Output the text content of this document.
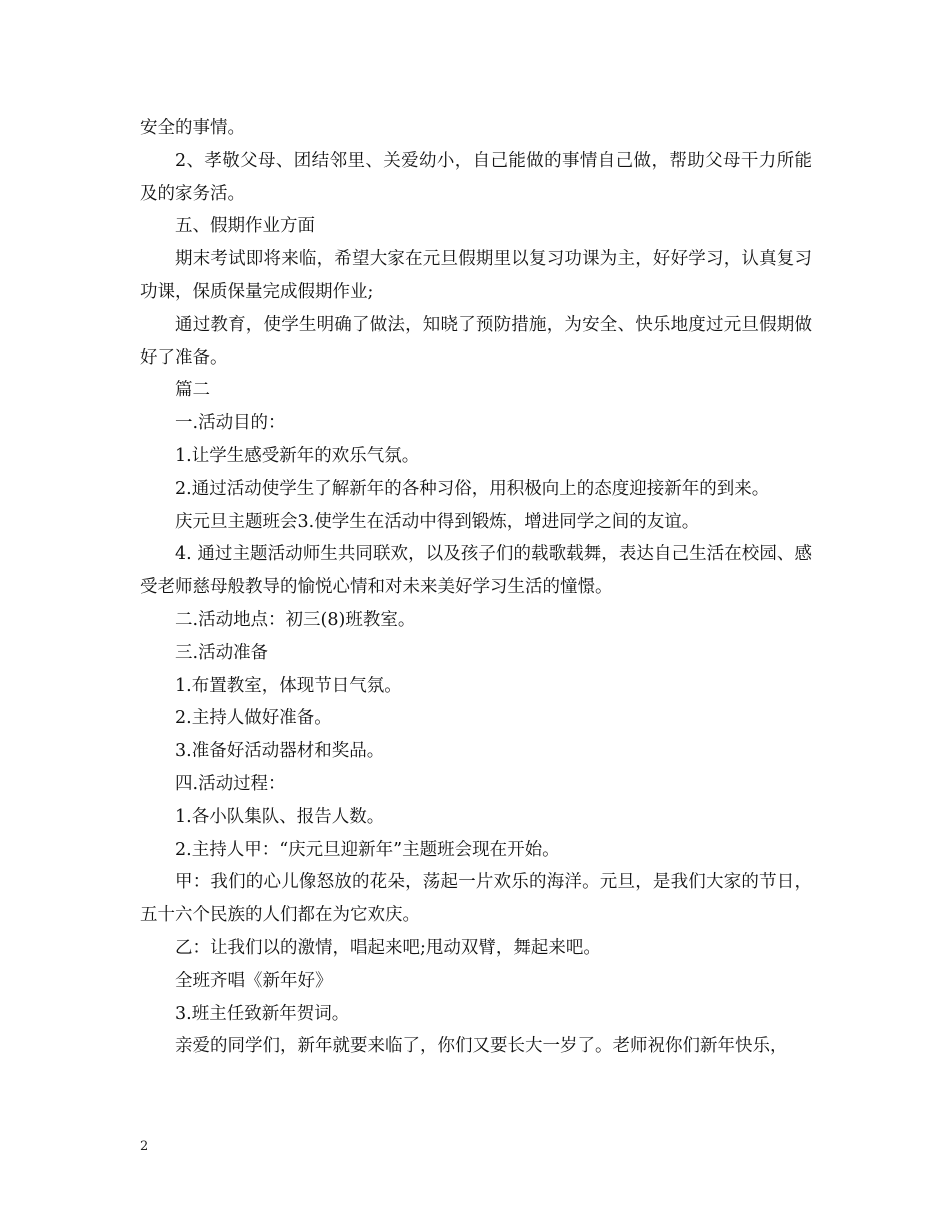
安全的事情。

2、孝敬父母、团结邻里、关爱幼小，自己能做的事情自己做，帮助父母干力所能及的家务活。

五、假期作业方面

期末考试即将来临，希望大家在元旦假期里以复习功课为主，好好学习，认真复习功课，保质保量完成假期作业;

通过教育，使学生明确了做法，知晓了预防措施，为安全、快乐地度过元旦假期做好了准备。

篇二

一.活动目的：

1.让学生感受新年的欢乐气氛。

2.通过活动使学生了解新年的各种习俗，用积极向上的态度迎接新年的到来。

庆元旦主题班会3.使学生在活动中得到锻炼，增进同学之间的友谊。

4. 通过主题活动师生共同联欢，以及孩子们的载歌载舞，表达自己生活在校园、感受老师慈母般教导的愉悦心情和对未来美好学习生活的憧憬。

二.活动地点：初三(8)班教室。

三.活动准备

1.布置教室，体现节日气氛。

2.主持人做好准备。

3.准备好活动器材和奖品。

四.活动过程：

1.各小队集队、报告人数。

2.主持人甲：“庆元旦迎新年”主题班会现在开始。

甲：我们的心儿像怒放的花朵，荡起一片欢乐的海洋。元旦，是我们大家的节日，五十六个民族的人们都在为它欢庆。

乙：让我们以的激情，唱起来吧;甩动双臂，舞起来吧。

全班齐唱《新年好》

3.班主任致新年贺词。

亲爱的同学们，新年就要来临了，你们又要长大一岁了。老师祝你们新年快乐，

2
